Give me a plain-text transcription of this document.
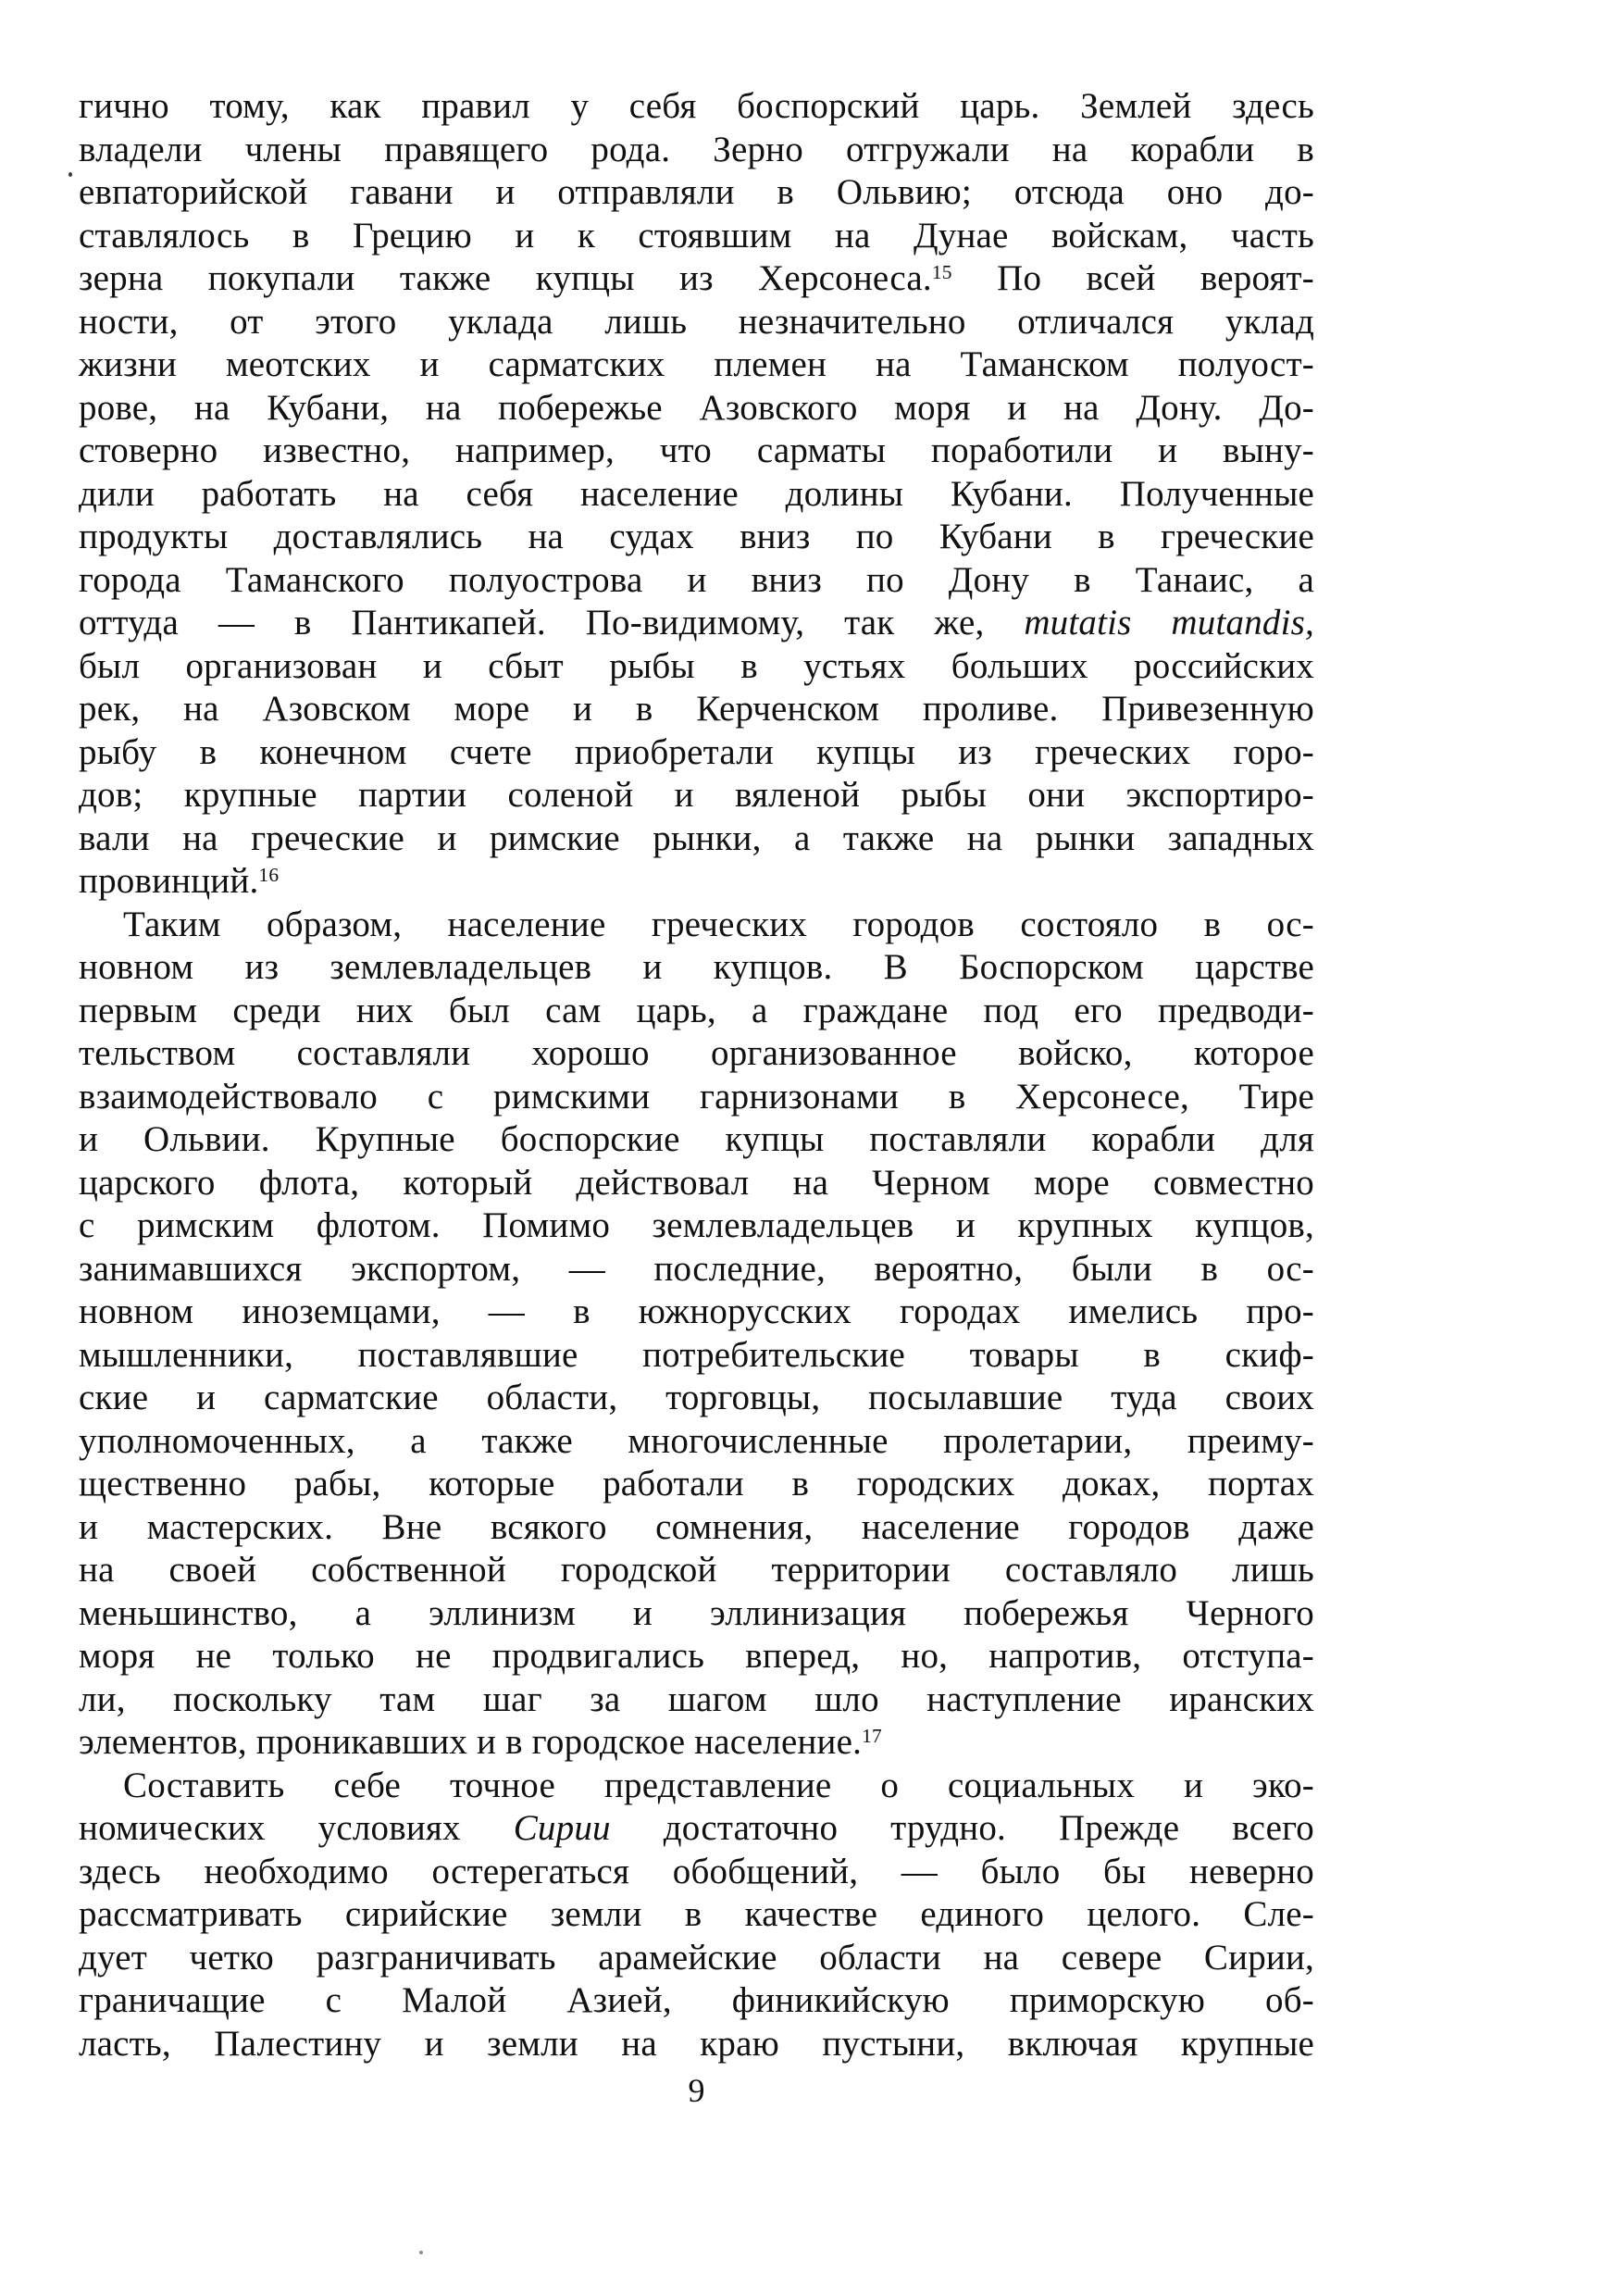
гично тому, как правил у себя боспорский царь. Землей здесь
владели члены правящего рода. Зерно отгружали на корабли в
евпаторийской гавани и отправляли в Ольвию; отсюда оно до-
ставлялось в Грецию и к стоявшим на Дунае войскам, часть
зерна покупали также купцы из Херсонеса.$^{15}$ По всей вероят-
ности, от этого уклада лишь незначительно отличался уклад
жизни меотских и сарматских племен на Таманском полуост-
рове, на Кубани, на побережье Азовского моря и на Дону. До-
стоверно известно, например, что сарматы поработили и выну-
дили работать на себя население долины Кубани. Полученные
продукты доставлялись на судах вниз по Кубани в греческие
города Таманского полуострова и вниз по Дону в Танаис, а
оттуда — в Пантикапей. По-видимому, так же, mutatis mutandis,
был организован и сбыт рыбы в устьях больших российских
рек, на Азовском море и в Керченском проливе. Привезенную
рыбу в конечном счете приобретали купцы из греческих горо-
дов; крупные партии соленой и вяленой рыбы они экспортиро-
вали на греческие и римские рынки, а также на рынки западных
провинций.$^{16}$
Таким образом, население греческих городов состояло в ос-
новном из землевладельцев и купцов. В Боспорском царстве
первым среди них был сам царь, а граждане под его предводи-
тельством составляли хорошо организованное войско, которое
взаимодействовало с римскими гарнизонами в Херсонесе, Тире
и Ольвии. Крупные боспорские купцы поставляли корабли для
царского флота, который действовал на Черном море совместно
с римским флотом. Помимо землевладельцев и крупных купцов,
занимавшихся экспортом, — последние, вероятно, были в ос-
новном иноземцами, — в южнорусских городах имелись про-
мышленники, поставлявшие потребительские товары в скиф-
ские и сарматские области, торговцы, посылавшие туда своих
уполномоченных, а также многочисленные пролетарии, преиму-
щественно рабы, которые работали в городских доках, портах
и мастерских. Вне всякого сомнения, население городов даже
на своей собственной городской территории составляло лишь
меньшинство, а эллинизм и эллинизация побережья Черного
моря не только не продвигались вперед, но, напротив, отступа-
ли, поскольку там шаг за шагом шло наступление иранских
элементов, проникавших и в городское население.$^{17}$
Составить себе точное представление о социальных и эко-
номических условиях Сирии достаточно трудно. Прежде всего
здесь необходимо остерегаться обобщений, — было бы неверно
рассматривать сирийские земли в качестве единого целого. Сле-
дует четко разграничивать арамейские области на севере Сирии,
граничащие с Малой Азией, финикийскую приморскую об-
ласть, Палестину и земли на краю пустыни, включая крупные
9
